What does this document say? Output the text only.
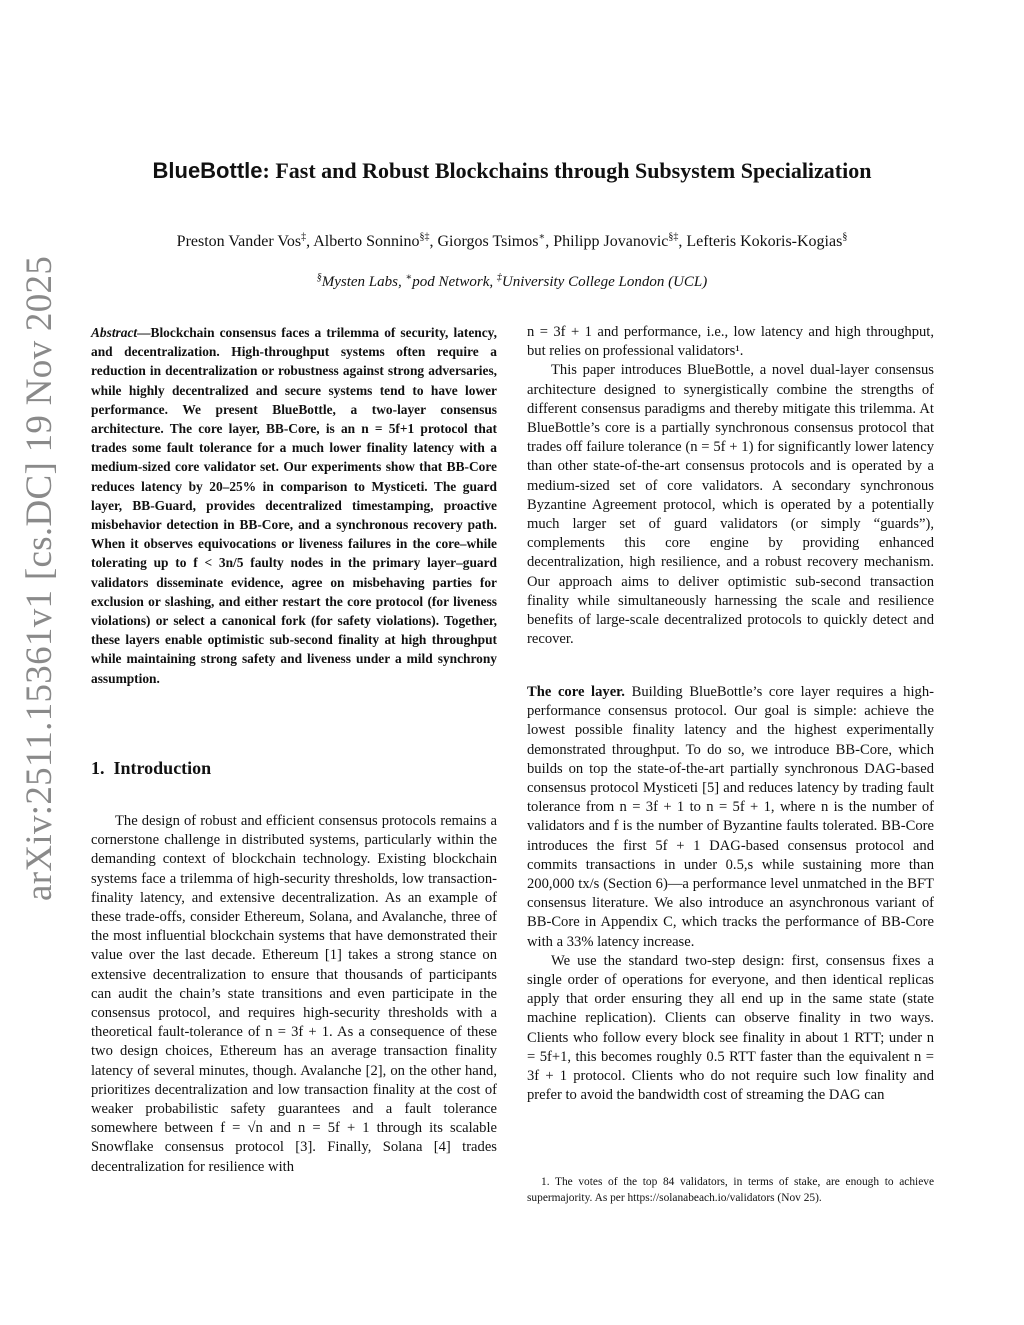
arXiv:2511.15361v1 [cs.DC] 19 Nov 2025
BlueBottle: Fast and Robust Blockchains through Subsystem Specialization
Preston Vander Vos‡, Alberto Sonnino§‡, Giorgos Tsimos∗, Philipp Jovanovic§‡, Lefteris Kokoris-Kogias§
§Mysten Labs, ∗pod Network, ‡University College London (UCL)
Abstract—Blockchain consensus faces a trilemma of security, latency, and decentralization. High-throughput systems often require a reduction in decentralization or robustness against strong adversaries, while highly decentralized and secure systems tend to have lower performance. We present BlueBottle, a two-layer consensus architecture. The core layer, BB-Core, is an n = 5f+1 protocol that trades some fault tolerance for a much lower finality latency with a medium-sized core validator set. Our experiments show that BB-Core reduces latency by 20–25% in comparison to Mysticeti. The guard layer, BB-Guard, provides decentralized timestamping, proactive misbehavior detection in BB-Core, and a synchronous recovery path. When it observes equivocations or liveness failures in the core–while tolerating up to f < 3n/5 faulty nodes in the primary layer–guard validators disseminate evidence, agree on misbehaving parties for exclusion or slashing, and either restart the core protocol (for liveness violations) or select a canonical fork (for safety violations). Together, these layers enable optimistic sub-second finality at high throughput while maintaining strong safety and liveness under a mild synchrony assumption.
1. Introduction

The design of robust and efficient consensus protocols remains a cornerstone challenge in distributed systems, particularly within the demanding context of blockchain technology. Existing blockchain systems face a trilemma of high-security thresholds, low transaction-finality latency, and extensive decentralization. As an example of these trade-offs, consider Ethereum, Solana, and Avalanche, three of the most influential blockchain systems that have demonstrated their value over the last decade. Ethereum [1] takes a strong stance on extensive decentralization to ensure that thousands of participants can audit the chain’s state transitions and even participate in the consensus protocol, and requires high-security thresholds with a theoretical fault-tolerance of n = 3f + 1. As a consequence of these two design choices, Ethereum has an average transaction finality latency of several minutes, though. Avalanche [2], on the other hand, prioritizes decentralization and low transaction finality at the cost of weaker probabilistic safety guarantees and a fault tolerance somewhere between f = √n and n = 5f + 1 through its scalable Snowflake consensus protocol [3]. Finally, Solana [4] trades decentralization for resilience with

n = 3f + 1 and performance, i.e., low latency and high throughput, but relies on professional validators¹.

This paper introduces BlueBottle, a novel dual-layer consensus architecture designed to synergistically combine the strengths of different consensus paradigms and thereby mitigate this trilemma. At BlueBottle’s core is a partially synchronous consensus protocol that trades off failure tolerance (n = 5f + 1) for significantly lower latency than other state-of-the-art consensus protocols and is operated by a medium-sized set of core validators. A secondary synchronous Byzantine Agreement protocol, which is operated by a potentially much larger set of guard validators (or simply “guards”), complements this core engine by providing enhanced decentralization, high resilience, and a robust recovery mechanism. Our approach aims to deliver optimistic sub-second transaction finality while simultaneously harnessing the scale and resilience benefits of large-scale decentralized protocols to quickly detect and recover.

The core layer. Building BlueBottle’s core layer requires a high-performance consensus protocol. Our goal is simple: achieve the lowest possible finality latency and the highest experimentally demonstrated throughput. To do so, we introduce BB-Core, which builds on top the state-of-the-art partially synchronous DAG-based consensus protocol Mysticeti [5] and reduces latency by trading fault tolerance from n = 3f + 1 to n = 5f + 1, where n is the number of validators and f is the number of Byzantine faults tolerated. BB-Core introduces the first 5f + 1 DAG-based consensus protocol and commits transactions in under 0.5,s while sustaining more than 200,000 tx/s (Section 6)—a performance level unmatched in the BFT consensus literature. We also introduce an asynchronous variant of BB-Core in Appendix C, which tracks the performance of BB-Core with a 33% latency increase.

We use the standard two-step design: first, consensus fixes a single order of operations for everyone, and then identical replicas apply that order ensuring they all end up in the same state (state machine replication). Clients can observe finality in two ways. Clients who follow every block see finality in about 1 RTT; under n = 5f+1, this becomes roughly 0.5 RTT faster than the equivalent n = 3f + 1 protocol. Clients who do not require such low finality and prefer to avoid the bandwidth cost of streaming the DAG can

1. The votes of the top 84 validators, in terms of stake, are enough to achieve supermajority. As per https://solanabeach.io/validators (Nov 25).
